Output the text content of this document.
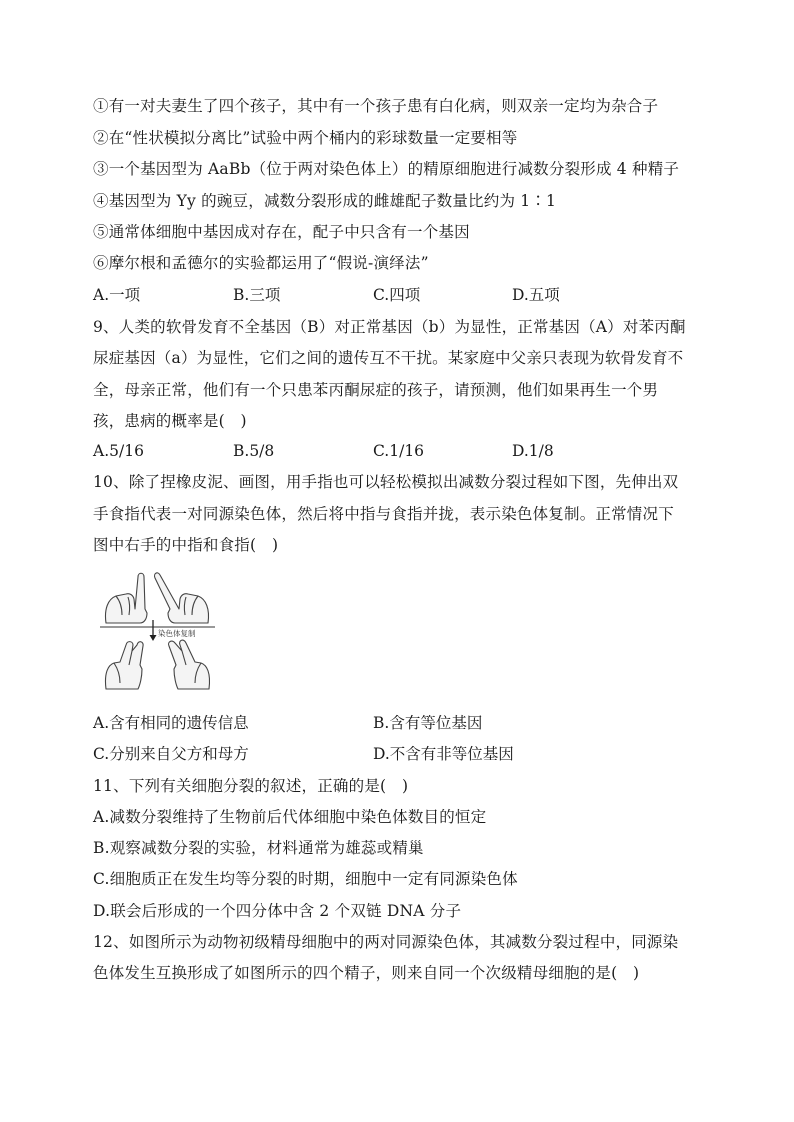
①有一对夫妻生了四个孩子，其中有一个孩子患有白化病，则双亲一定均为杂合子
②在“性状模拟分离比”试验中两个桶内的彩球数量一定要相等
③一个基因型为 AaBb（位于两对染色体上）的精原细胞进行减数分裂形成 4 种精子
④基因型为 Yy 的豌豆，减数分裂形成的雌雄配子数量比约为 1∶1
⑤通常体细胞中基因成对存在，配子中只含有一个基因
⑥摩尔根和孟德尔的实验都运用了“假说-演绎法”
A.一项	B.三项	C.四项	D.五项
9、人类的软骨发育不全基因（B）对正常基因（b）为显性，正常基因（A）对苯丙酮
尿症基因（a）为显性，它们之间的遗传互不干扰。某家庭中父亲只表现为软骨发育不
全，母亲正常，他们有一个只患苯丙酮尿症的孩子，请预测，他们如果再生一个男
孩，患病的概率是(　)
A.5/16	B.5/8	C.1/16	D.1/8
10、除了捏橡皮泥、画图，用手指也可以轻松模拟出减数分裂过程如下图，先伸出双
手食指代表一对同源染色体，然后将中指与食指并拢，表示染色体复制。正常情况下
图中右手的中指和食指(　)
染色体复制
A.含有相同的遗传信息	B.含有等位基因
C.分别来自父方和母方	D.不含有非等位基因
11、下列有关细胞分裂的叙述，正确的是(　)
A.减数分裂维持了生物前后代体细胞中染色体数目的恒定
B.观察减数分裂的实验，材料通常为雄蕊或精巢
C.细胞质正在发生均等分裂的时期，细胞中一定有同源染色体
D.联会后形成的一个四分体中含 2 个双链 DNA 分子
12、如图所示为动物初级精母细胞中的两对同源染色体，其减数分裂过程中，同源染
色体发生互换形成了如图所示的四个精子，则来自同一个次级精母细胞的是(　)
